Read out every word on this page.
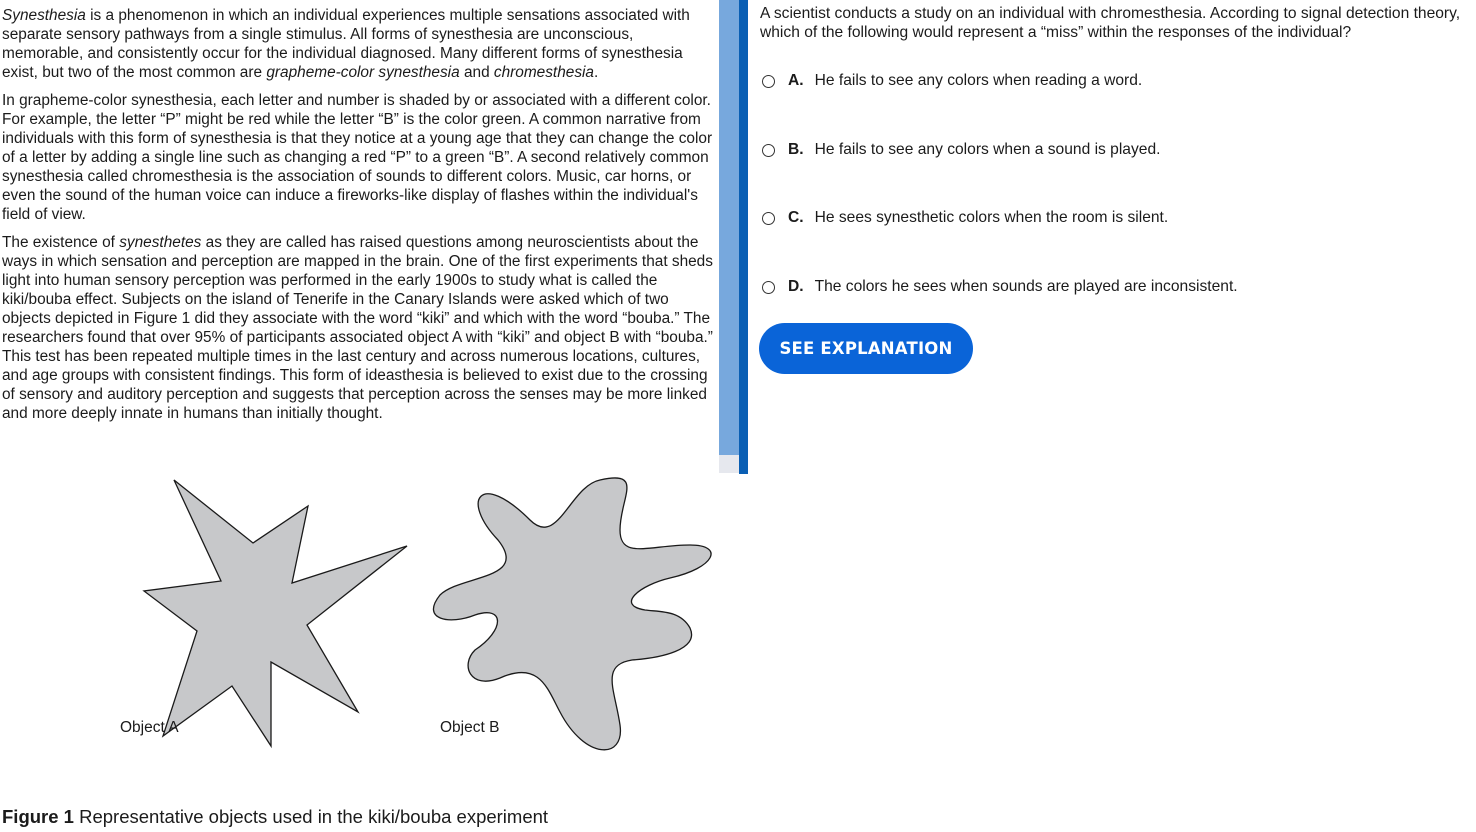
Synesthesia is a phenomenon in which an individual experiences multiple sensations associated with separate sensory pathways from a single stimulus. All forms of synesthesia are unconscious, memorable, and consistently occur for the individual diagnosed. Many different forms of synesthesia exist, but two of the most common are grapheme-color synesthesia and chromesthesia.

In grapheme-color synesthesia, each letter and number is shaded by or associated with a different color. For example, the letter “P” might be red while the letter “B” is the color green. A common narrative from individuals with this form of synesthesia is that they notice at a young age that they can change the color of a letter by adding a single line such as changing a red “P” to a green “B”. A second relatively common synesthesia called chromesthesia is the association of sounds to different colors. Music, car horns, or even the sound of the human voice can induce a fireworks-like display of flashes within the individual's field of view.

The existence of synesthetes as they are called has raised questions among neuroscientists about the ways in which sensation and perception are mapped in the brain. One of the first experiments that sheds light into human sensory perception was performed in the early 1900s to study what is called the kiki/bouba effect. Subjects on the island of Tenerife in the Canary Islands were asked which of two objects depicted in Figure 1 did they associate with the word “kiki” and which with the word “bouba.” The researchers found that over 95% of participants associated object A with “kiki” and object B with “bouba.” This test has been repeated multiple times in the last century and across numerous locations, cultures, and age groups with consistent findings. This form of ideasthesia is believed to exist due to the crossing of sensory and auditory perception and suggests that perception across the senses may be more linked and more deeply innate in humans than initially thought.

Object A	Object B
Figure 1 Representative objects used in the kiki/bouba experiment
A scientist conducts a study on an individual with chromesthesia. According to signal detection theory, which of the following would represent a “miss” within the responses of the individual?
A. He fails to see any colors when reading a word.
B. He fails to see any colors when a sound is played.
C. He sees synesthetic colors when the room is silent.
D. The colors he sees when sounds are played are inconsistent.
SEE EXPLANATION
